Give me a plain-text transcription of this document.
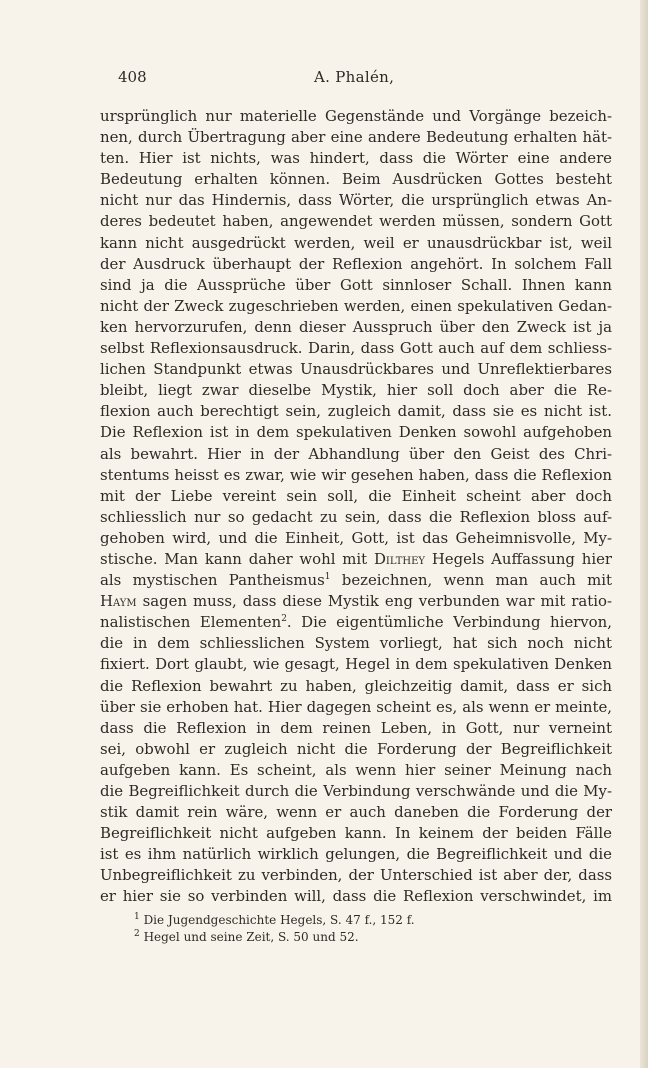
408	A. Phalén,
ursprünglich nur materielle Gegenstände und Vorgänge bezeich-
nen, durch Übertragung aber eine andere Bedeutung erhalten hät-
ten. Hier ist nichts, was hindert, dass die Wörter eine andere
Bedeutung erhalten können. Beim Ausdrücken Gottes besteht
nicht nur das Hindernis, dass Wörter, die ursprünglich etwas An-
deres bedeutet haben, angewendet werden müssen, sondern Gott
kann nicht ausgedrückt werden, weil er unausdrückbar ist, weil
der Ausdruck überhaupt der Reflexion angehört. In solchem Fall
sind ja die Aussprüche über Gott sinnloser Schall. Ihnen kann
nicht der Zweck zugeschrieben werden, einen spekulativen Gedan-
ken hervorzurufen, denn dieser Ausspruch über den Zweck ist ja
selbst Reflexionsausdruck. Darin, dass Gott auch auf dem schliess-
lichen Standpunkt etwas Unausdrückbares und Unreflektierbares
bleibt, liegt zwar dieselbe Mystik, hier soll doch aber die Re-
flexion auch berechtigt sein, zugleich damit, dass sie es nicht ist.
Die Reflexion ist in dem spekulativen Denken sowohl aufgehoben
als bewahrt. Hier in der Abhandlung über den Geist des Chri-
stentums heisst es zwar, wie wir gesehen haben, dass die Reflexion
mit der Liebe vereint sein soll, die Einheit scheint aber doch
schliesslich nur so gedacht zu sein, dass die Reflexion bloss auf-
gehoben wird, und die Einheit, Gott, ist das Geheimnisvolle, My-
stische. Man kann daher wohl mit Dilthey Hegels Auffassung hier
als mystischen Pantheismus$^1$ bezeichnen, wenn man auch mit
Haym sagen muss, dass diese Mystik eng verbunden war mit ratio-
nalistischen Elementen$^2$. Die eigentümliche Verbindung hiervon,
die in dem schliesslichen System vorliegt, hat sich noch nicht
fixiert. Dort glaubt, wie gesagt, Hegel in dem spekulativen Denken
die Reflexion bewahrt zu haben, gleichzeitig damit, dass er sich
über sie erhoben hat. Hier dagegen scheint es, als wenn er meinte,
dass die Reflexion in dem reinen Leben, in Gott, nur verneint
sei, obwohl er zugleich nicht die Forderung der Begreiflichkeit
aufgeben kann. Es scheint, als wenn hier seiner Meinung nach
die Begreiflichkeit durch die Verbindung verschwände und die My-
stik damit rein wäre, wenn er auch daneben die Forderung der
Begreiflichkeit nicht aufgeben kann. In keinem der beiden Fälle
ist es ihm natürlich wirklich gelungen, die Begreiflichkeit und die
Unbegreiflichkeit zu verbinden, der Unterschied ist aber der, dass
er hier sie so verbinden will, dass die Reflexion verschwindet, im
$^1$ Die Jugendgeschichte Hegels, S. 47 f., 152 f.
$^2$ Hegel und seine Zeit, S. 50 und 52.
